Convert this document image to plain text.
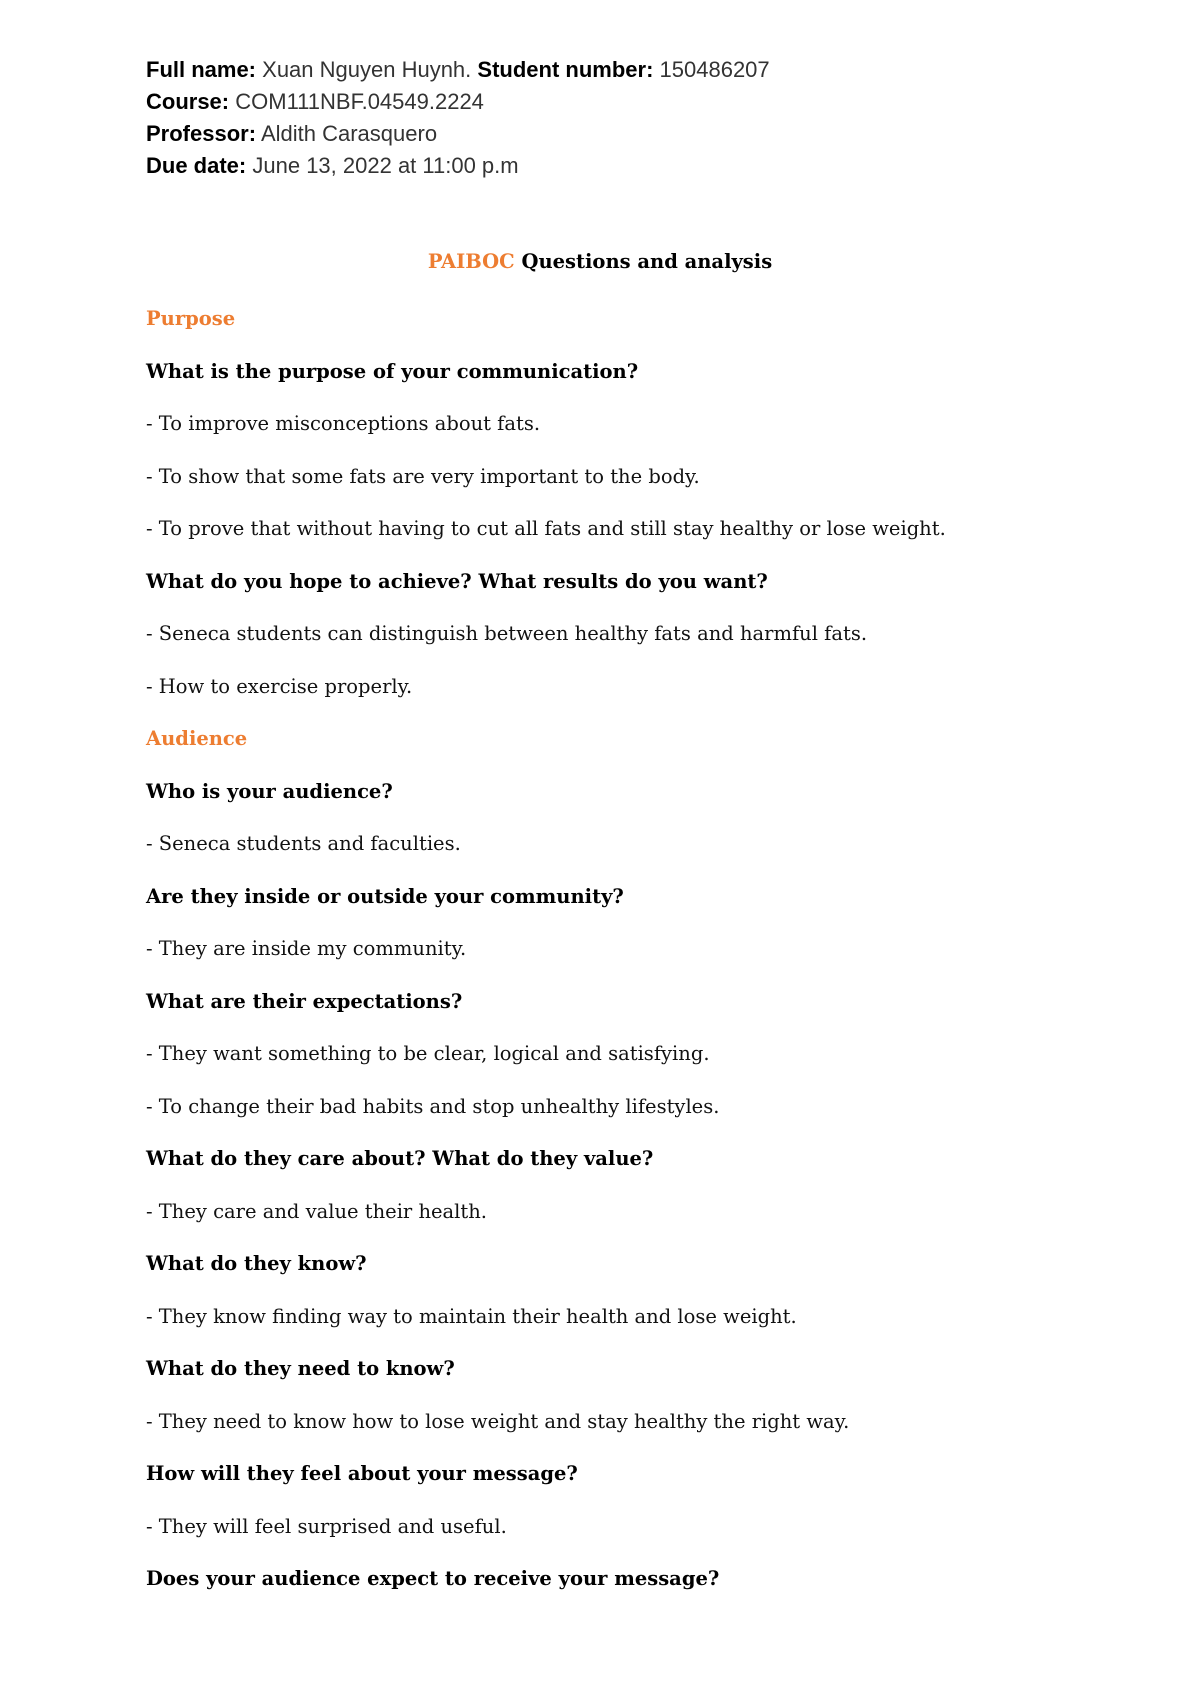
Full name: Xuan Nguyen Huynh. Student number: 150486207
Course: COM111NBF.04549.2224
Professor: Aldith Carasquero
Due date: June 13, 2022 at 11:00 p.m
PAIBOC Questions and analysis
Purpose
What is the purpose of your communication?
- To improve misconceptions about fats.
- To show that some fats are very important to the body.
- To prove that without having to cut all fats and still stay healthy or lose weight.
What do you hope to achieve? What results do you want?
- Seneca students can distinguish between healthy fats and harmful fats.
- How to exercise properly.
Audience
Who is your audience?
- Seneca students and faculties.
Are they inside or outside your community?
- They are inside my community.
What are their expectations?
- They want something to be clear, logical and satisfying.
- To change their bad habits and stop unhealthy lifestyles.
What do they care about? What do they value?
- They care and value their health.
What do they know?
- They know finding way to maintain their health and lose weight.
What do they need to know?
- They need to know how to lose weight and stay healthy the right way.
How will they feel about your message?
- They will feel surprised and useful.
Does your audience expect to receive your message?
